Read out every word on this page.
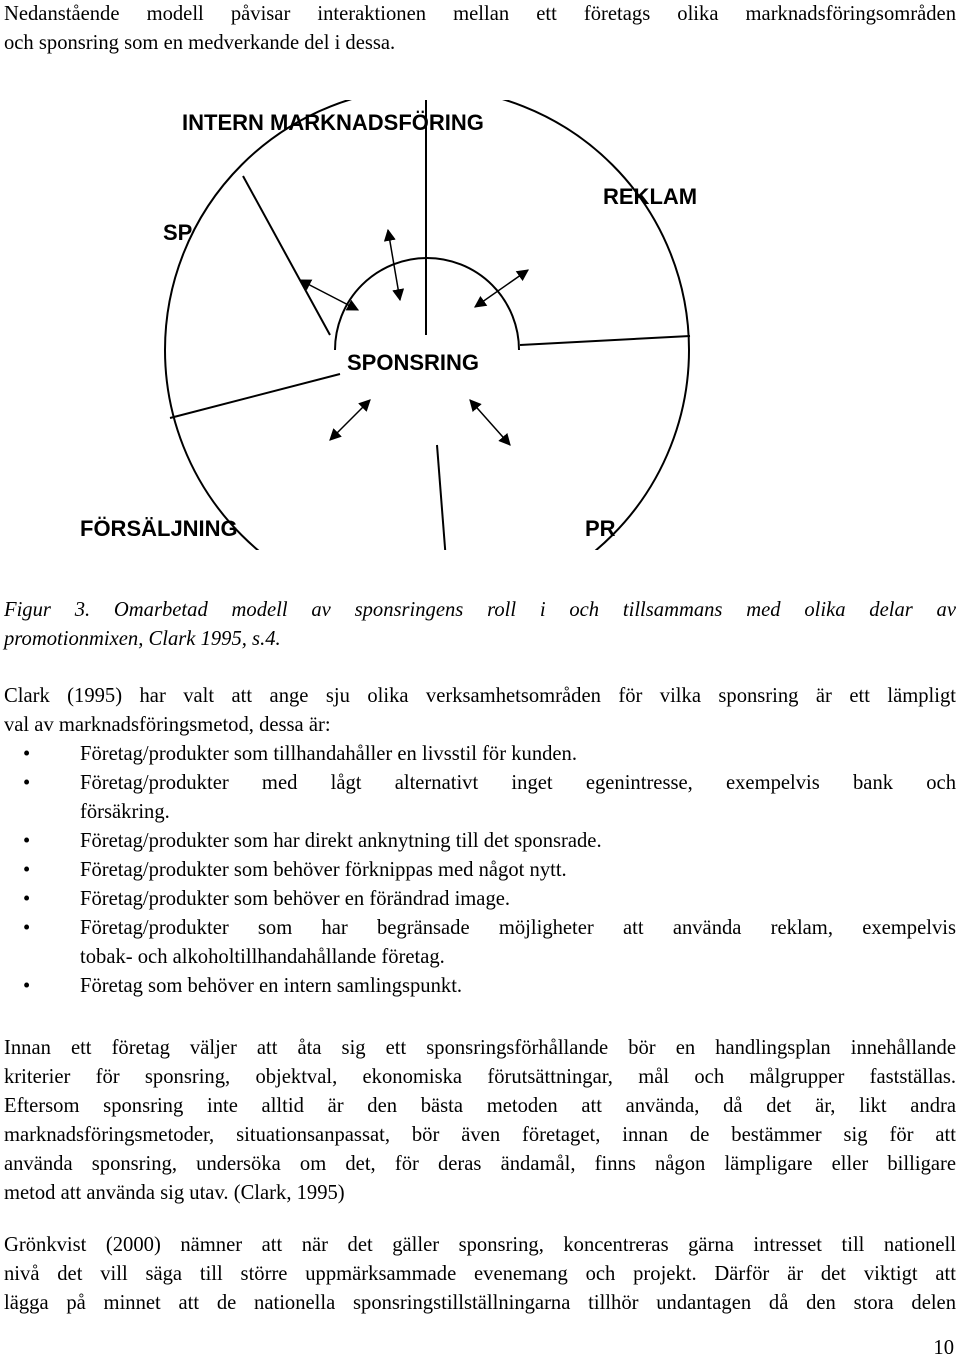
Nedanstående modell påvisar interaktionen mellan ett företags olika marknadsföringsområden
och sponsring som en medverkande del i dessa.
INTERN MARKNADSFÖRING
REKLAM
SP
SPONSRING
FÖRSÄLJNING	PR
Figur 3. Omarbetad modell av sponsringens roll i och tillsammans med olika delar av
promotionmixen, Clark 1995, s.4.
Clark (1995) har valt att ange sju olika verksamhetsområden för vilka sponsring är ett lämpligt
val av marknadsföringsmetod, dessa är:
• Företag/produkter som tillhandahåller en livsstil för kunden.
• Företag/produkter med lågt alternativt inget egenintresse, exempelvis bank och
försäkring.
• Företag/produkter som har direkt anknytning till det sponsrade.
• Företag/produkter som behöver förknippas med något nytt.
• Företag/produkter som behöver en förändrad image.
• Företag/produkter som har begränsade möjligheter att använda reklam, exempelvis
tobak- och alkoholtillhandahållande företag.
• Företag som behöver en intern samlingspunkt.
Innan ett företag väljer att åta sig ett sponsringsförhållande bör en handlingsplan innehållande
kriterier för sponsring, objektval, ekonomiska förutsättningar, mål och målgrupper fastställas.
Eftersom sponsring inte alltid är den bästa metoden att använda, då det är, likt andra
marknadsföringsmetoder, situationsanpassat, bör även företaget, innan de bestämmer sig för att
använda sponsring, undersöka om det, för deras ändamål, finns någon lämpligare eller billigare
metod att använda sig utav. (Clark, 1995)
Grönkvist (2000) nämner att när det gäller sponsring, koncentreras gärna intresset till nationell
nivå det vill säga till större uppmärksammade evenemang och projekt. Därför är det viktigt att
lägga på minnet att de nationella sponsringstillställningarna tillhör undantagen då den stora delen
10
